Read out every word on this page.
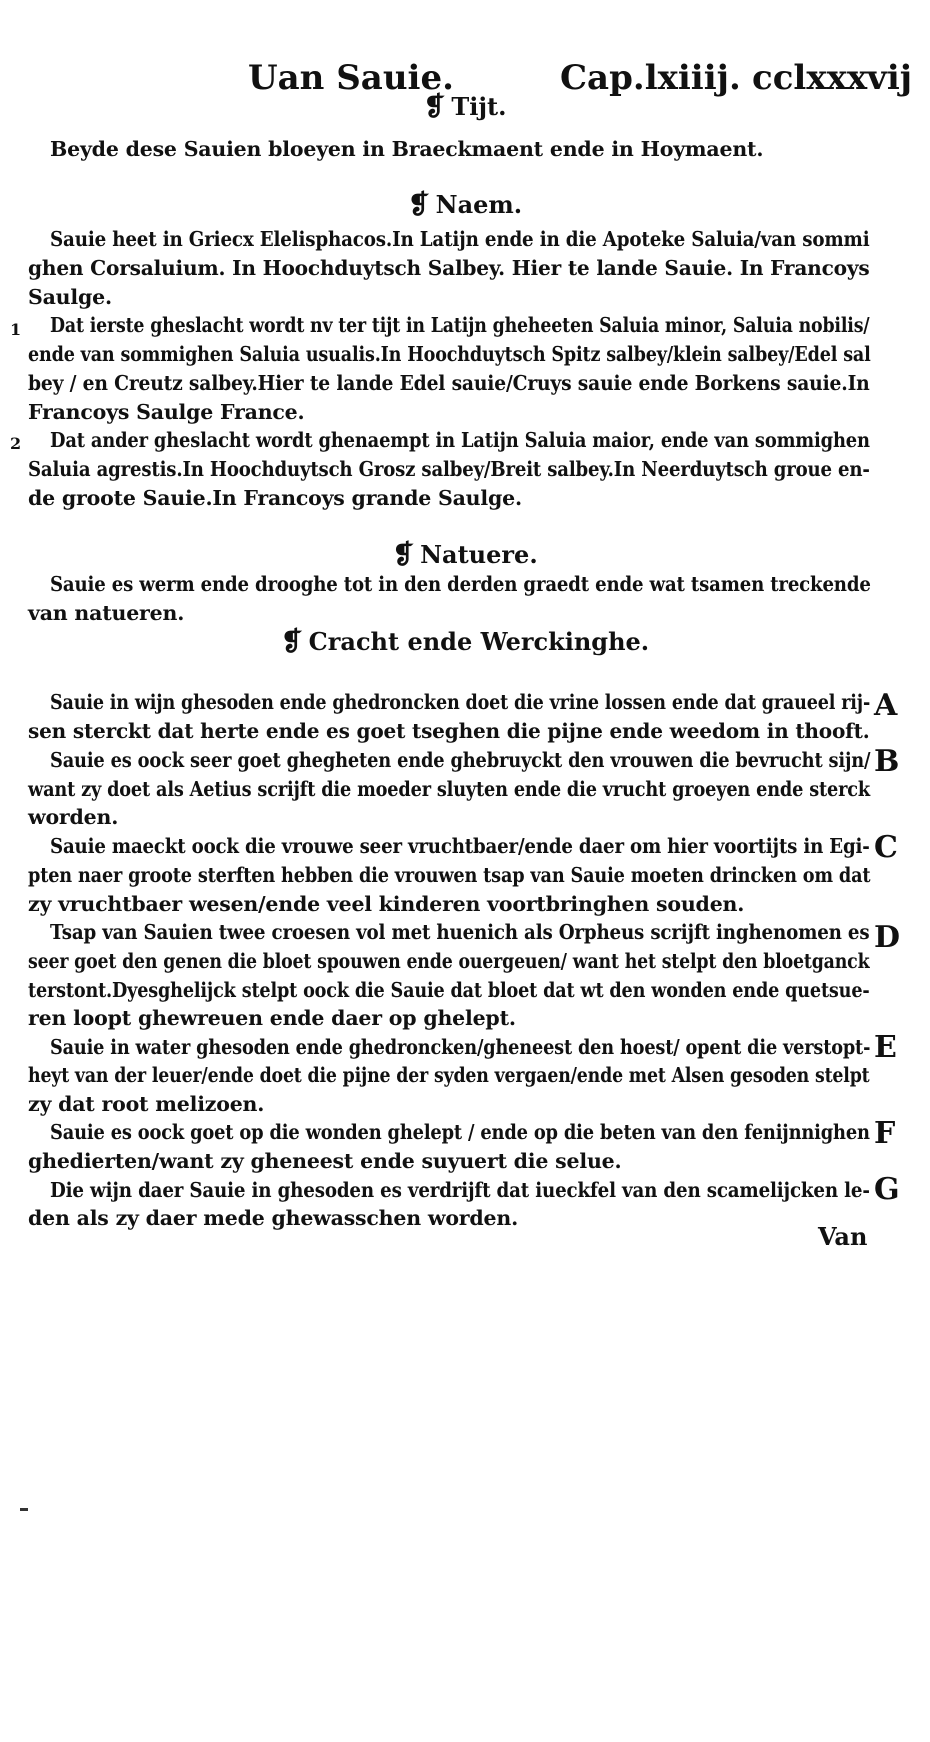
Uan Sauie.	Cap.lxiiij. cclxxxvij
❡ Tijt.
Beyde dese Sauien bloeyen in Braeckmaent ende in Hoymaent.
❡ Naem.
Sauie heet in Griecx Elelisphacos.In Latijn ende in die Apoteke Saluia/van sommi
ghen Corsaluium. In Hoochduytsch Salbey. Hier te lande Sauie. In Francoys
Saulge.
1 Dat ierste gheslacht wordt nv ter tijt in Latijn gheheeten Saluia minor, Saluia nobilis/
ende van sommighen Saluia usualis.In Hoochduytsch Spitz salbey/klein salbey/Edel sal
bey / en Creutz salbey.Hier te lande Edel sauie/Cruys sauie ende Borkens sauie.In
Francoys Saulge France.
2 Dat ander gheslacht wordt ghenaempt in Latijn Saluia maior, ende van sommighen
Saluia agrestis.In Hoochduytsch Grosz salbey/Breit salbey.In Neerduytsch groue en-
de groote Sauie.In Francoys grande Saulge.
❡ Natuere.
Sauie es werm ende drooghe tot in den derden graedt ende wat tsamen treckende
van natueren.
❡ Cracht ende Werckinghe.
Sauie in wijn ghesoden ende ghedroncken doet die vrine lossen ende dat graueel rij- A
sen sterckt dat herte ende es goet tseghen die pijne ende weedom in thooft.
Sauie es oock seer goet ghegheten ende ghebruyckt den vrouwen die bevrucht sijn/ B
want zy doet als Aetius scrijft die moeder sluyten ende die vrucht groeyen ende sterck
worden.
Sauie maeckt oock die vrouwe seer vruchtbaer/ende daer om hier voortijts in Egi- C
pten naer groote sterften hebben die vrouwen tsap van Sauie moeten drincken om dat
zy vruchtbaer wesen/ende veel kinderen voortbringhen souden.
Tsap van Sauien twee croesen vol met huenich als Orpheus scrijft inghenomen es D
seer goet den genen die bloet spouwen ende ouergeuen/ want het stelpt den bloetganck
terstont.Dyesghelijck stelpt oock die Sauie dat bloet dat wt den wonden ende quetsue-
ren loopt ghewreuen ende daer op ghelept.
Sauie in water ghesoden ende ghedroncken/gheneest den hoest/ opent die verstopt- E
heyt van der leuer/ende doet die pijne der syden vergaen/ende met Alsen gesoden stelpt
zy dat root melizoen.
Sauie es oock goet op die wonden ghelept / ende op die beten van den fenijnnighen F
ghedierten/want zy gheneest ende suyuert die selue.
Die wijn daer Sauie in ghesoden es verdrijft dat iueckfel van den scamelijcken le- G
den als zy daer mede ghewasschen worden.
Van
